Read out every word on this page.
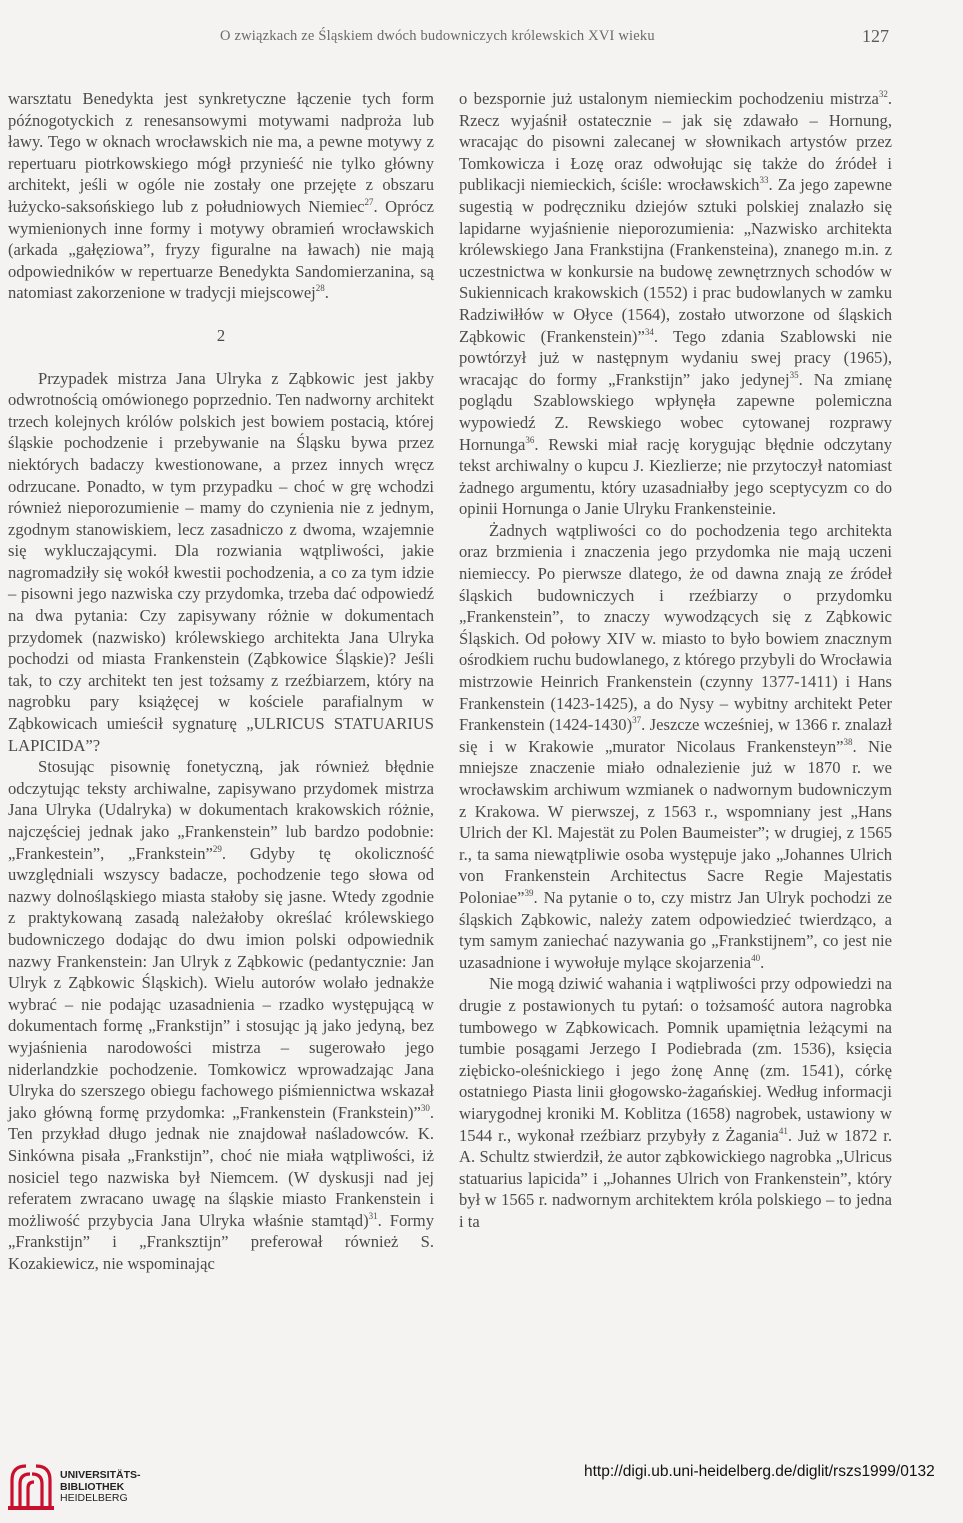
O związkach ze Śląskiem dwóch budowniczych królewskich XVI wieku	127

warsztatu Benedykta jest synkretyczne łączenie tych form późnogotyckich z renesansowymi motywami nadproża lub ławy. Tego w oknach wrocławskich nie ma, a pewne motywy z repertuaru piotrkowskiego mógł przynieść nie tylko główny architekt, jeśli w ogóle nie zostały one przejęte z obszaru łużycko-saksońskiego lub z południowych Niemiec$^{27}$. Oprócz wymienionych inne formy i motywy obramień wrocławskich (arkada „gałęziowa”, fryzy figuralne na ławach) nie mają odpowiedników w repertuarze Benedykta Sandomierzanina, są natomiast zakorzenione w tradycji miejscowej$^{28}$.

2

Przypadek mistrza Jana Ulryka z Ząbkowic jest jakby odwrotnością omówionego poprzednio. Ten nadworny architekt trzech kolejnych królów polskich jest bowiem postacią, której śląskie pochodzenie i przebywanie na Śląsku bywa przez niektórych badaczy kwestionowane, a przez innych wręcz odrzucane. Ponadto, w tym przypadku – choć w grę wchodzi również nieporozumienie – mamy do czynienia nie z jednym, zgodnym stanowiskiem, lecz zasadniczo z dwoma, wzajemnie się wykluczającymi. Dla rozwiania wątpliwości, jakie nagromadziły się wokół kwestii pochodzenia, a co za tym idzie – pisowni jego nazwiska czy przydomka, trzeba dać odpowiedź na dwa pytania: Czy zapisywany różnie w dokumentach przydomek (nazwisko) królewskiego architekta Jana Ulryka pochodzi od miasta Frankenstein (Ząbkowice Śląskie)? Jeśli tak, to czy architekt ten jest tożsamy z rzeźbiarzem, który na nagrobku pary książęcej w kościele parafialnym w Ząbkowicach umieścił sygnaturę „ULRICUS STATUARIUS LAPICIDA”?

Stosując pisownię fonetyczną, jak również błędnie odczytując teksty archiwalne, zapisywano przydomek mistrza Jana Ulryka (Udalryka) w dokumentach krakowskich różnie, najczęściej jednak jako „Frankenstein” lub bardzo podobnie: „Frankestein”, „Frankstein”$^{29}$. Gdyby tę okoliczność uwzględniali wszyscy badacze, pochodzenie tego słowa od nazwy dolnośląskiego miasta stałoby się jasne. Wtedy zgodnie z praktykowaną zasadą należałoby określać królewskiego budowniczego dodając do dwu imion polski odpowiednik nazwy Frankenstein: Jan Ulryk z Ząbkowic (pedantycznie: Jan Ulryk z Ząbkowic Śląskich). Wielu autorów wolało jednakże wybrać – nie podając uzasadnienia – rzadko występującą w dokumentach formę „Frankstijn” i stosując ją jako jedyną, bez wyjaśnienia narodowości mistrza – sugerowało jego niderlandzkie pochodzenie. Tomkowicz wprowadzając Jana Ulryka do szerszego obiegu fachowego piśmiennictwa wskazał jako główną formę przydomka: „Frankenstein (Frankstein)”$^{30}$. Ten przykład długo jednak nie znajdował naśladowców. K. Sinkówna pisała „Frankstijn”, choć nie miała wątpliwości, iż nosiciel tego nazwiska był Niemcem. (W dyskusji nad jej referatem zwracano uwagę na śląskie miasto Frankenstein i możliwość przybycia Jana Ulryka właśnie stamtąd)$^{31}$. Formy „Frankstijn” i „Franksztijn” preferował również S. Kozakiewicz, nie wspominając

o bezspornie już ustalonym niemieckim pochodzeniu mistrza$^{32}$. Rzecz wyjaśnił ostatecznie – jak się zdawało – Hornung, wracając do pisowni zalecanej w słownikach artystów przez Tomkowicza i Łozę oraz odwołując się także do źródeł i publikacji niemieckich, ściśle: wrocławskich$^{33}$. Za jego zapewne sugestią w podręczniku dziejów sztuki polskiej znalazło się lapidarne wyjaśnienie nieporozumienia: „Nazwisko architekta królewskiego Jana Frankstijna (Frankensteina), znanego m.in. z uczestnictwa w konkursie na budowę zewnętrznych schodów w Sukiennicach krakowskich (1552) i prac budowlanych w zamku Radziwiłłów w Ołyce (1564), zostało utworzone od śląskich Ząbkowic (Frankenstein)”$^{34}$. Tego zdania Szablowski nie powtórzył już w następnym wydaniu swej pracy (1965), wracając do formy „Frankstijn” jako jedynej$^{35}$. Na zmianę poglądu Szablowskiego wpłynęła zapewne polemiczna wypowiedź Z. Rewskiego wobec cytowanej rozprawy Hornunga$^{36}$. Rewski miał rację korygując błędnie odczytany tekst archiwalny o kupcu J. Kiezlierze; nie przytoczył natomiast żadnego argumentu, który uzasadniałby jego sceptycyzm co do opinii Hornunga o Janie Ulryku Frankensteinie.

Żadnych wątpliwości co do pochodzenia tego architekta oraz brzmienia i znaczenia jego przydomka nie mają uczeni niemieccy. Po pierwsze dlatego, że od dawna znają ze źródeł śląskich budowniczych i rzeźbiarzy o przydomku „Frankenstein”, to znaczy wywodzących się z Ząbkowic Śląskich. Od połowy XIV w. miasto to było bowiem znacznym ośrodkiem ruchu budowlanego, z którego przybyli do Wrocławia mistrzowie Heinrich Frankenstein (czynny 1377-1411) i Hans Frankenstein (1423-1425), a do Nysy – wybitny architekt Peter Frankenstein (1424-1430)$^{37}$. Jeszcze wcześniej, w 1366 r. znalazł się i w Krakowie „murator Nicolaus Frankensteyn”$^{38}$. Nie mniejsze znaczenie miało odnalezienie już w 1870 r. we wrocławskim archiwum wzmianek o nadwornym budowniczym z Krakowa. W pierwszej, z 1563 r., wspomniany jest „Hans Ulrich der Kl. Majestät zu Polen Baumeister”; w drugiej, z 1565 r., ta sama niewątpliwie osoba występuje jako „Johannes Ulrich von Frankenstein Architectus Sacre Regie Majestatis Poloniae”$^{39}$. Na pytanie o to, czy mistrz Jan Ulryk pochodzi ze śląskich Ząbkowic, należy zatem odpowiedzieć twierdząco, a tym samym zaniechać nazywania go „Frankstijnem”, co jest nie uzasadnione i wywołuje mylące skojarzenia$^{40}$.

Nie mogą dziwić wahania i wątpliwości przy odpowiedzi na drugie z postawionych tu pytań: o tożsamość autora nagrobka tumbowego w Ząbkowicach. Pomnik upamiętnia leżącymi na tumbie posągami Jerzego I Podiebrada (zm. 1536), księcia ziębicko-oleśnickiego i jego żonę Annę (zm. 1541), córkę ostatniego Piasta linii głogowsko-żagańskiej. Według informacji wiarygodnej kroniki M. Koblitza (1658) nagrobek, ustawiony w 1544 r., wykonał rzeźbiarz przybyły z Żagania$^{41}$. Już w 1872 r. A. Schultz stwierdził, że autor ząbkowickiego nagrobka „Ulricus statuarius lapicida” i „Johannes Ulrich von Frankenstein”, który był w 1565 r. nadwornym architektem króla polskiego – to jedna i ta

UNIVERSITÄTS-
BIBLIOTHEK
HEIDELBERG
http://digi.ub.uni-heidelberg.de/diglit/rszs1999/0132
